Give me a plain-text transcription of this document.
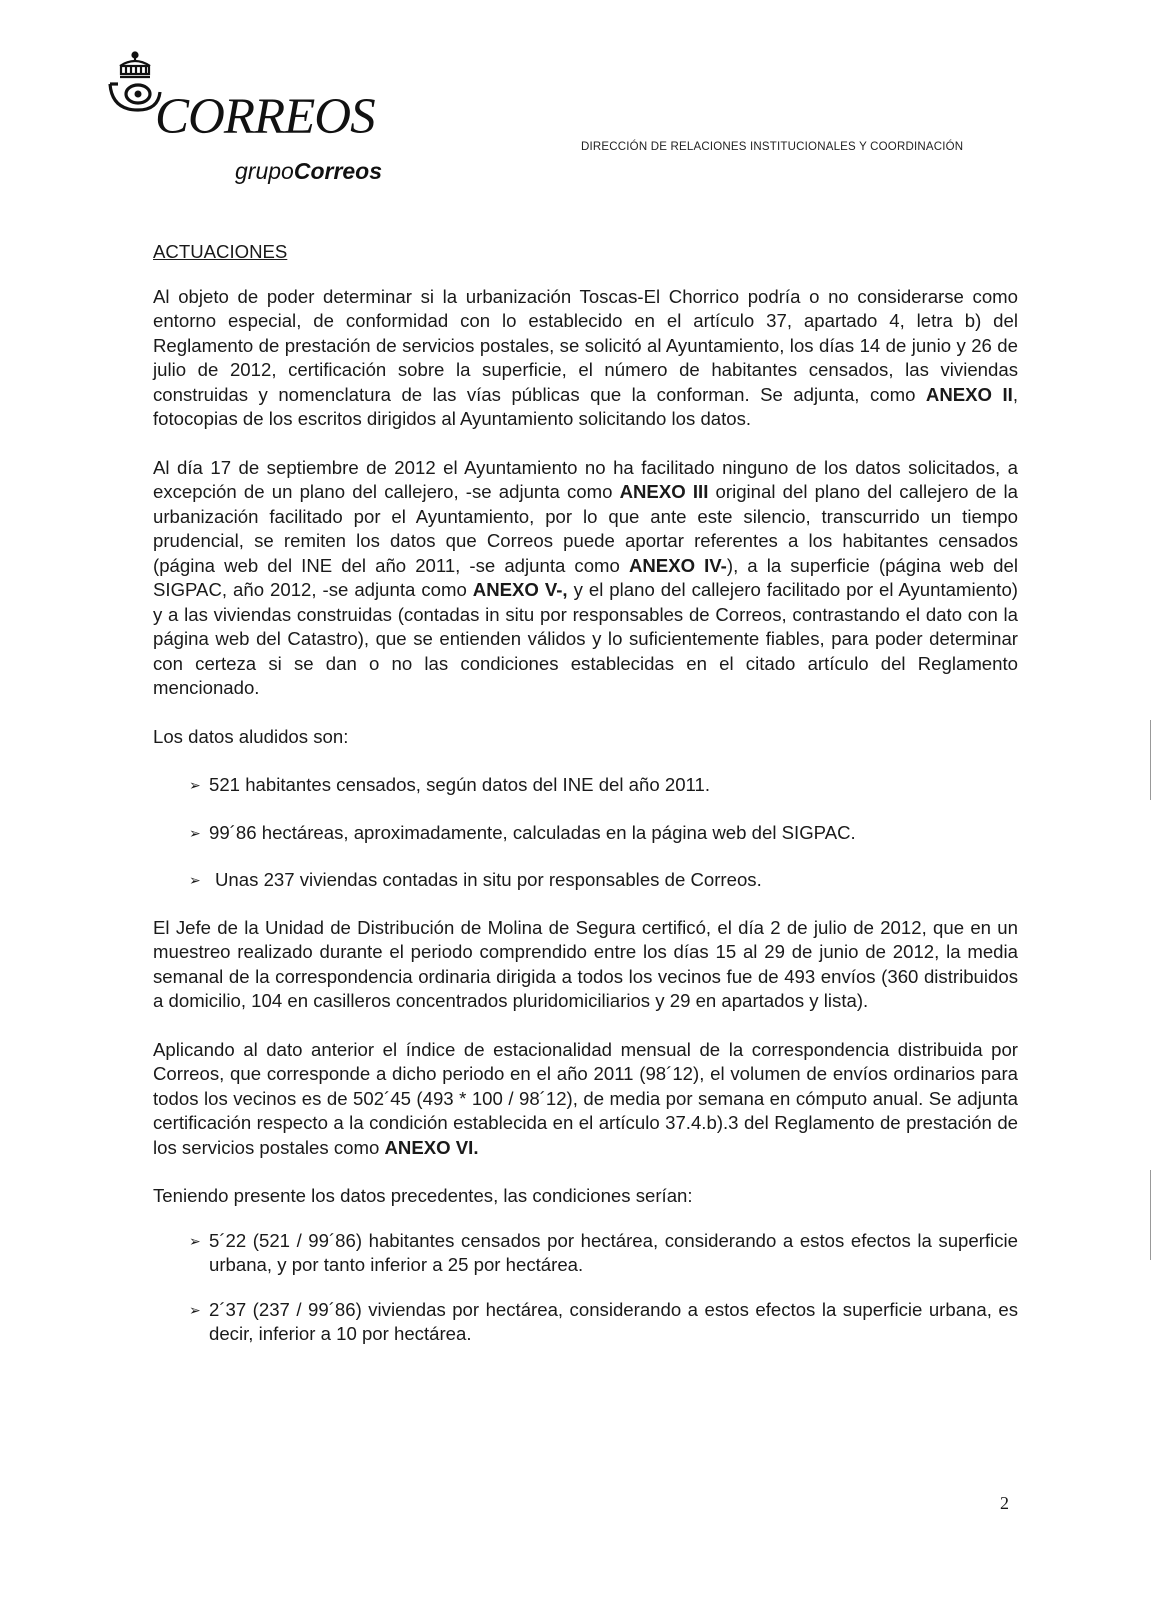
CORREOS
grupoCorreos
DIRECCIÓN DE RELACIONES INSTITUCIONALES Y COORDINACIÓN
ACTUACIONES

Al objeto de poder determinar si la urbanización Toscas-El Chorrico podría o no considerarse como entorno especial, de conformidad con lo establecido en el artículo 37, apartado 4, letra b) del Reglamento de prestación de servicios postales, se solicitó al Ayuntamiento, los días 14 de junio y 26 de julio de 2012, certificación sobre la superficie, el número de habitantes censados, las viviendas construidas y nomenclatura de las vías públicas que la conforman. Se adjunta, como ANEXO II, fotocopias de los escritos dirigidos al Ayuntamiento solicitando los datos.

Al día 17 de septiembre de 2012 el Ayuntamiento no ha facilitado ninguno de los datos solicitados, a excepción de un plano del callejero, -se adjunta como ANEXO III original del plano del callejero de la urbanización facilitado por el Ayuntamiento, por lo que ante este silencio, transcurrido un tiempo prudencial, se remiten los datos que Correos puede aportar referentes a los habitantes censados (página web del INE del año 2011, -se adjunta como ANEXO IV-), a la superficie (página web del SIGPAC, año 2012, -se adjunta como ANEXO V-, y el plano del callejero facilitado por el Ayuntamiento) y a las viviendas construidas (contadas in situ por responsables de Correos, contrastando el dato con la página web del Catastro), que se entienden válidos y lo suficientemente fiables, para poder determinar con certeza si se dan o no las condiciones establecidas en el citado artículo del Reglamento mencionado.

Los datos aludidos son:

➢ 521 habitantes censados, según datos del INE del año 2011.
➢ 99´86 hectáreas, aproximadamente, calculadas en la página web del SIGPAC.
➢ Unas 237 viviendas contadas in situ por responsables de Correos.

El Jefe de la Unidad de Distribución de Molina de Segura certificó, el día 2 de julio de 2012, que en un muestreo realizado durante el periodo comprendido entre los días 15 al 29 de junio de 2012, la media semanal de la correspondencia ordinaria dirigida a todos los vecinos fue de 493 envíos (360 distribuidos a domicilio, 104 en casilleros concentrados pluridomiciliarios y 29 en apartados y lista).

Aplicando al dato anterior el índice de estacionalidad mensual de la correspondencia distribuida por Correos, que corresponde a dicho periodo en el año 2011 (98´12), el volumen de envíos ordinarios para todos los vecinos es de 502´45 (493 * 100 / 98´12), de media por semana en cómputo anual. Se adjunta certificación respecto a la condición establecida en el artículo 37.4.b).3 del Reglamento de prestación de los servicios postales como ANEXO VI.

Teniendo presente los datos precedentes, las condiciones serían:

➢ 5´22 (521 / 99´86) habitantes censados por hectárea, considerando a estos efectos la superficie urbana, y por tanto inferior a 25 por hectárea.
➢ 2´37 (237 / 99´86) viviendas por hectárea, considerando a estos efectos la superficie urbana, es decir, inferior a 10 por hectárea.
2
